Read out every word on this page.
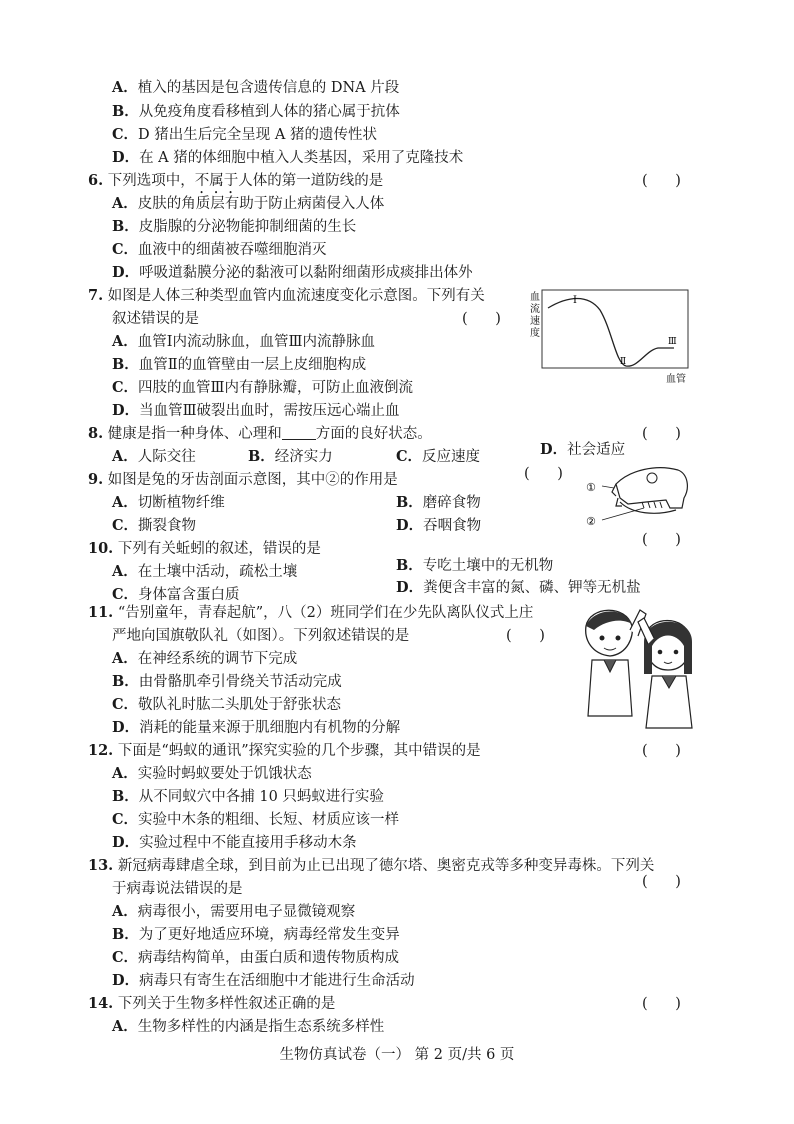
A．植入的基因是包含遗传信息的 DNA 片段
B．从免疫角度看移植到人体的猪心属于抗体
C．D 猪出生后完全呈现 A 猪的遗传性状
D．在 A 猪的体细胞中植入人类基因，采用了克隆技术
6. 下列选项中，不属于人体的第一道防线的是	(      )
A．皮肤的角质层有助于防止病菌侵入人体
B．皮脂腺的分泌物能抑制细菌的生长
C．血液中的细菌被吞噬细胞消灭
D．呼吸道黏膜分泌的黏液可以黏附细菌形成痰排出体外
7. 如图是人体三种类型血管内血流速度变化示意图。下列有关
叙述错误的是	(      )
A．血管Ⅰ内流动脉血，血管Ⅲ内流静脉血
B．血管Ⅱ的血管壁由一层上皮细胞构成
C．四肢的血管Ⅲ内有静脉瓣，可防止血液倒流
D．当血管Ⅲ破裂出血时，需按压远心端止血
血
流
速
度
Ⅰ
Ⅱ
Ⅲ
血管
8. 健康是指一种身体、心理和 方面的良好状态。	(      )
A．人际交往	B．经济实力	C．反应速度	D．社会适应
9. 如图是兔的牙齿剖面示意图，其中②的作用是	(      )
A．切断植物纤维	B．磨碎食物
C．撕裂食物	D．吞咽食物
①
②
10. 下列有关蚯蚓的叙述，错误的是
(      )
A．在土壤中活动，疏松土壤	B．专吃土壤中的无机物
C．身体富含蛋白质	D．粪便含丰富的氮、磷、钾等无机盐
11. “告别童年，青春起航”，八（2）班同学们在少先队离队仪式上庄
严地向国旗敬队礼（如图）。下列叙述错误的是	(      )
A．在神经系统的调节下完成
B．由骨骼肌牵引骨绕关节活动完成
C．敬队礼时肱二头肌处于舒张状态
D．消耗的能量来源于肌细胞内有机物的分解
12. 下面是“蚂蚁的通讯”探究实验的几个步骤，其中错误的是	(      )
A．实验时蚂蚁要处于饥饿状态
B．从不同蚁穴中各捕 10 只蚂蚁进行实验
C．实验中木条的粗细、长短、材质应该一样
D．实验过程中不能直接用手移动木条
13. 新冠病毒肆虐全球，到目前为止已出现了德尔塔、奥密克戎等多种变异毒株。下列关
于病毒说法错误的是	(      )
A．病毒很小，需要用电子显微镜观察
B．为了更好地适应环境，病毒经常发生变异
C．病毒结构简单，由蛋白质和遗传物质构成
D．病毒只有寄生在活细胞中才能进行生命活动
14. 下列关于生物多样性叙述正确的是	(      )
A．生物多样性的内涵是指生态系统多样性
生物仿真试卷（一） 第 2 页/共 6 页
